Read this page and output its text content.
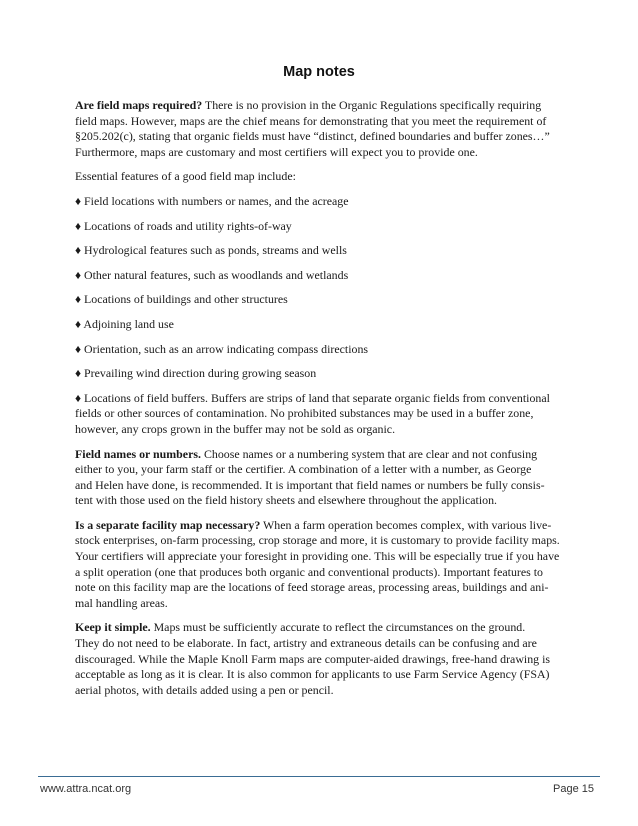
Map notes

Are field maps required? There is no provision in the Organic Regulations specifically requiring
field maps. However, maps are the chief means for demonstrating that you meet the requirement of
§205.202(c), stating that organic fields must have “distinct, defined boundaries and buffer zones…”
Furthermore, maps are customary and most certifiers will expect you to provide one.

Essential features of a good field map include:

♦ Field locations with numbers or names, and the acreage

♦ Locations of roads and utility rights-of-way

♦ Hydrological features such as ponds, streams and wells

♦ Other natural features, such as woodlands and wetlands

♦ Locations of buildings and other structures

♦ Adjoining land use

♦ Orientation, such as an arrow indicating compass directions

♦ Prevailing wind direction during growing season

♦ Locations of field buffers. Buffers are strips of land that separate organic fields from conventional
fields or other sources of contamination. No prohibited substances may be used in a buffer zone,
however, any crops grown in the buffer may not be sold as organic.

Field names or numbers. Choose names or a numbering system that are clear and not confusing
either to you, your farm staff or the certifier. A combination of a letter with a number, as George
and Helen have done, is recommended. It is important that field names or numbers be fully consis-
tent with those used on the field history sheets and elsewhere throughout the application.

Is a separate facility map necessary? When a farm operation becomes complex, with various live-
stock enterprises, on-farm processing, crop storage and more, it is customary to provide facility maps.
Your certifiers will appreciate your foresight in providing one. This will be especially true if you have
a split operation (one that produces both organic and conventional products). Important features to
note on this facility map are the locations of feed storage areas, processing areas, buildings and ani-
mal handling areas.

Keep it simple. Maps must be sufficiently accurate to reflect the circumstances on the ground.
They do not need to be elaborate. In fact, artistry and extraneous details can be confusing and are
discouraged. While the Maple Knoll Farm maps are computer-aided drawings, free-hand drawing is
acceptable as long as it is clear. It is also common for applicants to use Farm Service Agency (FSA)
aerial photos, with details added using a pen or pencil.

www.attra.ncat.org	Page 15
